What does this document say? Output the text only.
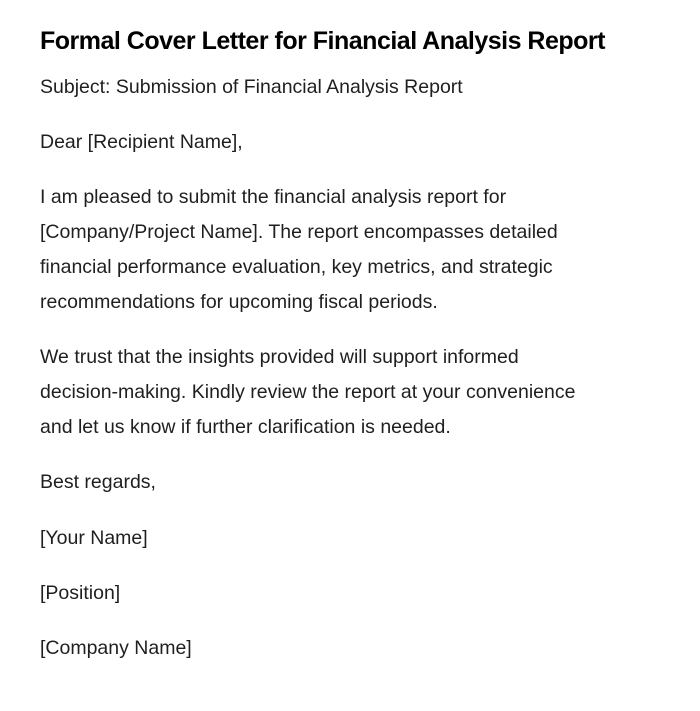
Formal Cover Letter for Financial Analysis Report

Subject: Submission of Financial Analysis Report

Dear [Recipient Name],

I am pleased to submit the financial analysis report for
[Company/Project Name]. The report encompasses detailed
financial performance evaluation, key metrics, and strategic
recommendations for upcoming fiscal periods.

We trust that the insights provided will support informed
decision-making. Kindly review the report at your convenience
and let us know if further clarification is needed.

Best regards,

[Your Name]

[Position]

[Company Name]
